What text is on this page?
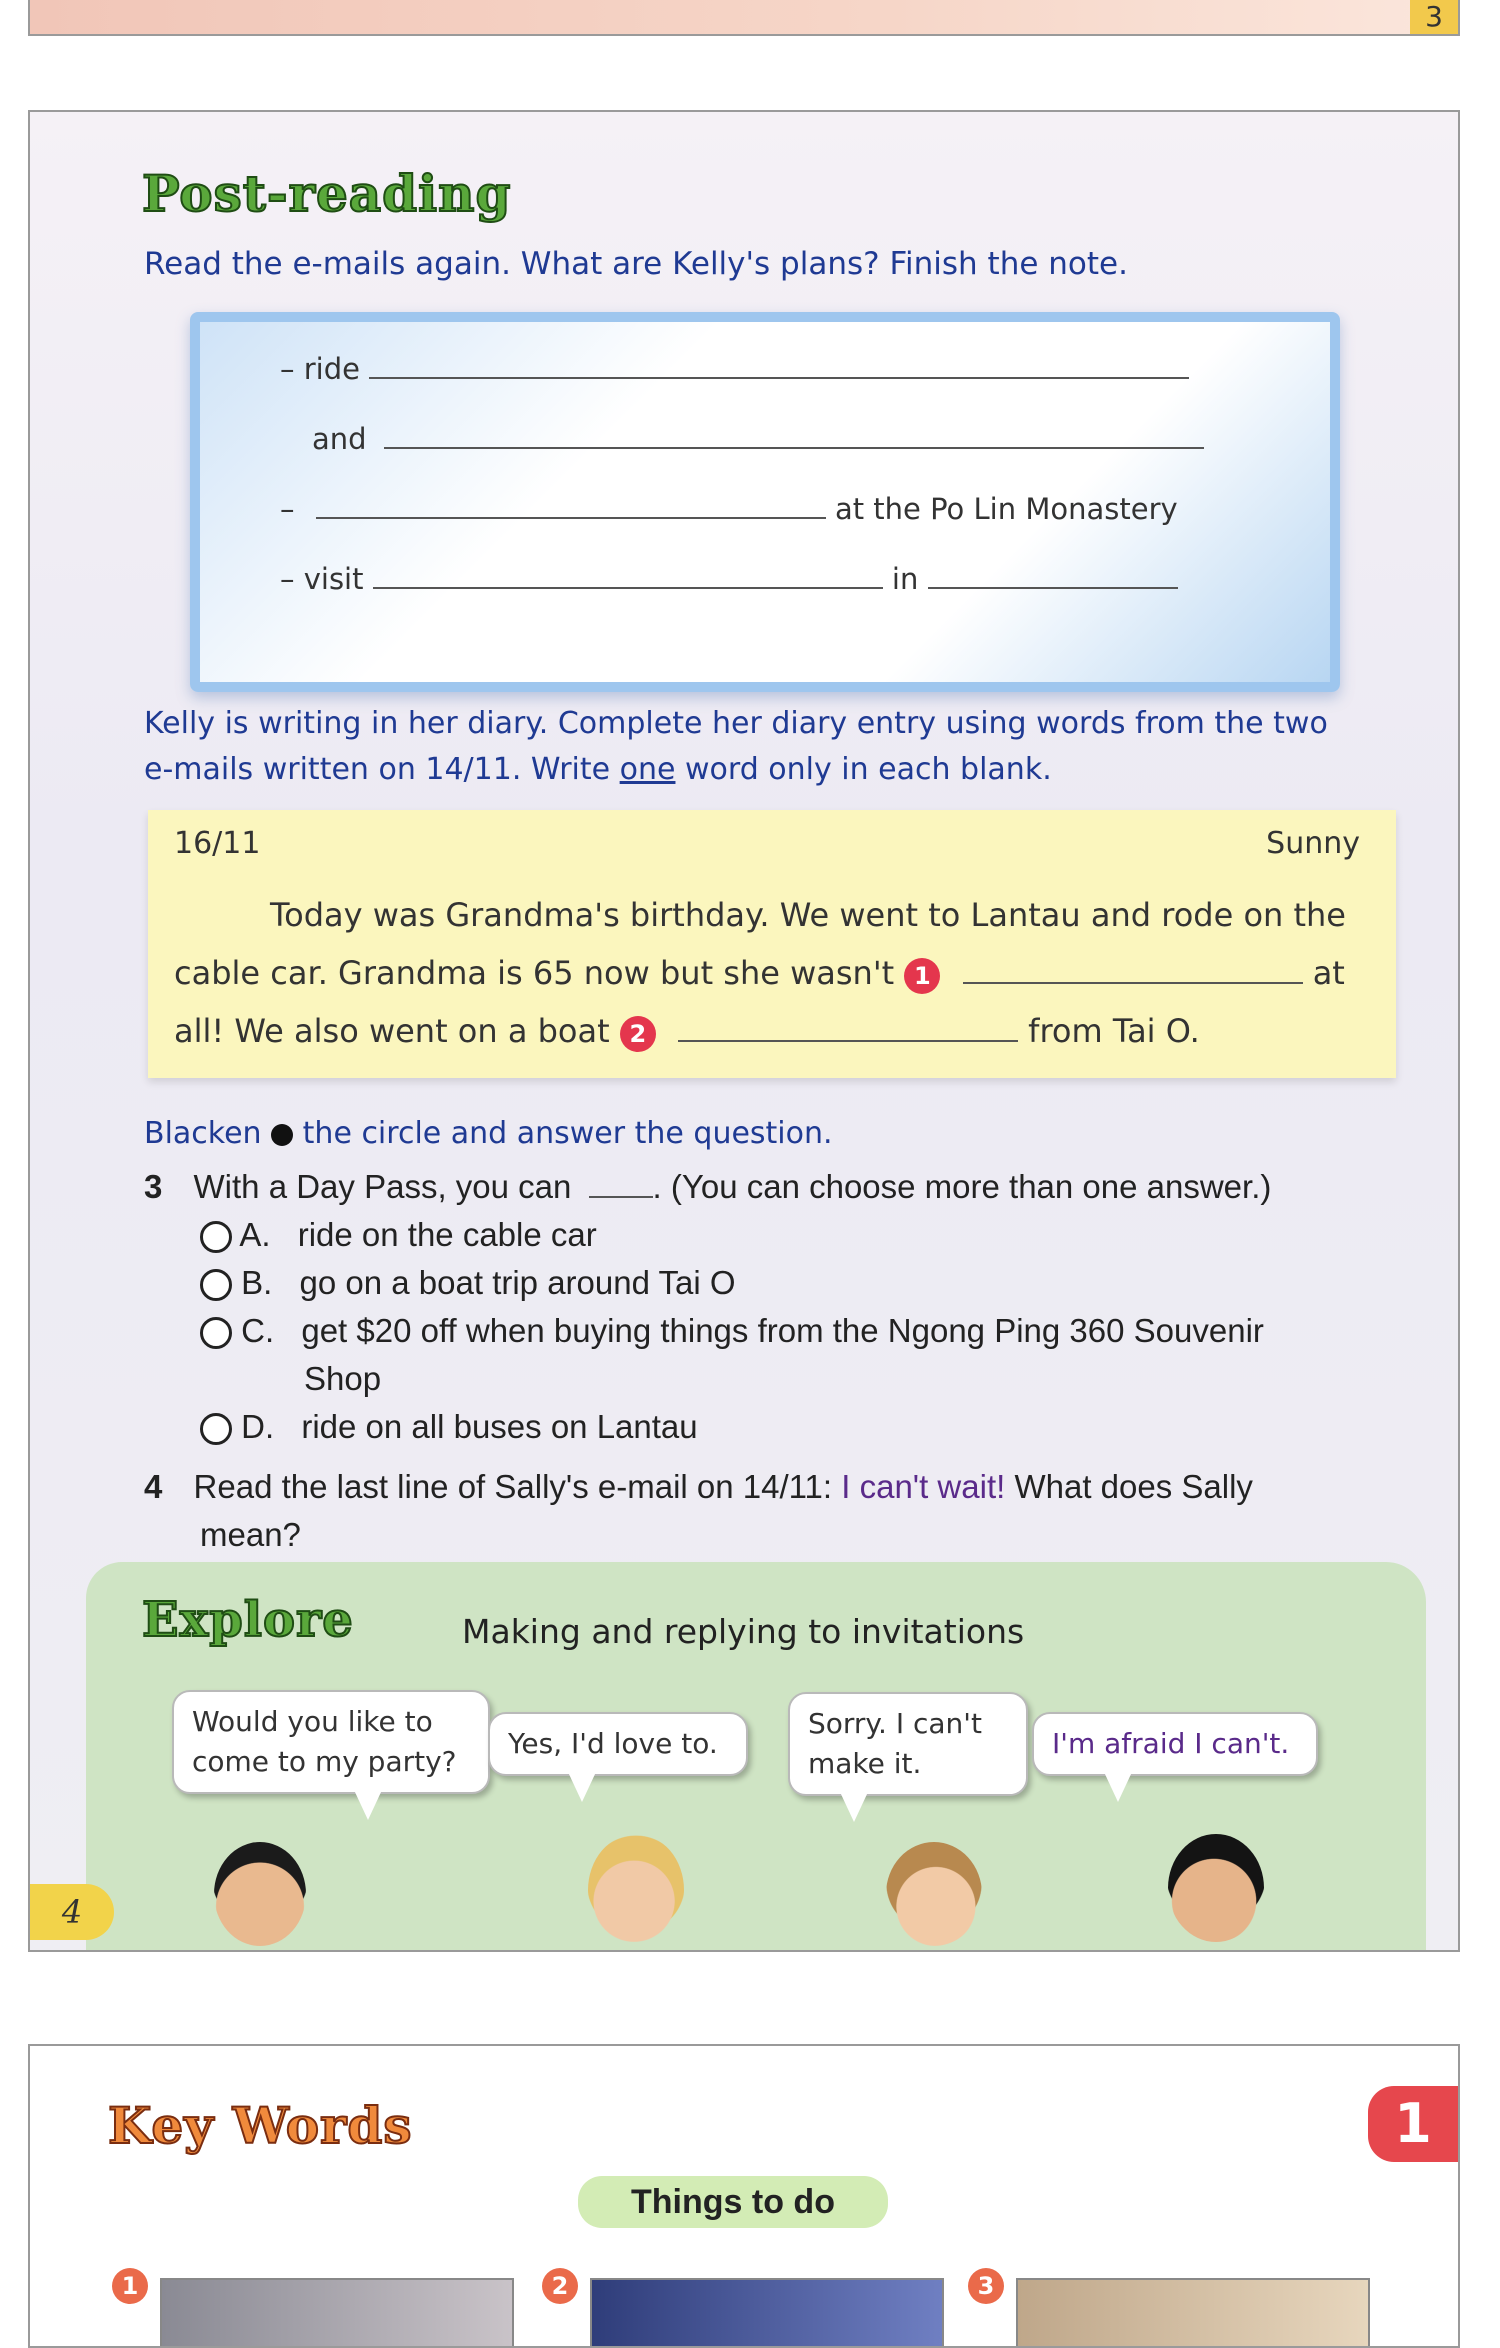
3
Post-reading
Read the e-mails again. What are Kelly's plans? Finish the note.
– ride
and
–	at the Po Lin Monastery
– visit	in
Kelly is writing in her diary. Complete her diary entry using words from the two
e-mails written on 14/11. Write one word only in each blank.
16/11	Sunny
Today was Grandma's birthday. We went to Lantau and rode on the
cable car. Grandma is 65 now but she wasn't 1	at
all! We also went on a boat 2	from Tai O.
Blacken the circle and answer the question.
3 With a Day Pass, you can . (You can choose more than one answer.)
A. ride on the cable car
B. go on a boat trip around Tai O
C. get $20 off when buying things from the Ngong Ping 360 Souvenir
Shop
D. ride on all buses on Lantau
4 Read the last line of Sally's e-mail on 14/11: I can't wait! What does Sally
mean?
Explore	Making and replying to invitations
Would you like to come to my party?
Yes, I'd love to.
Sorry. I can't make it.
I'm afraid I can't.
4
Key Words	1
Things to do
1	2	3
